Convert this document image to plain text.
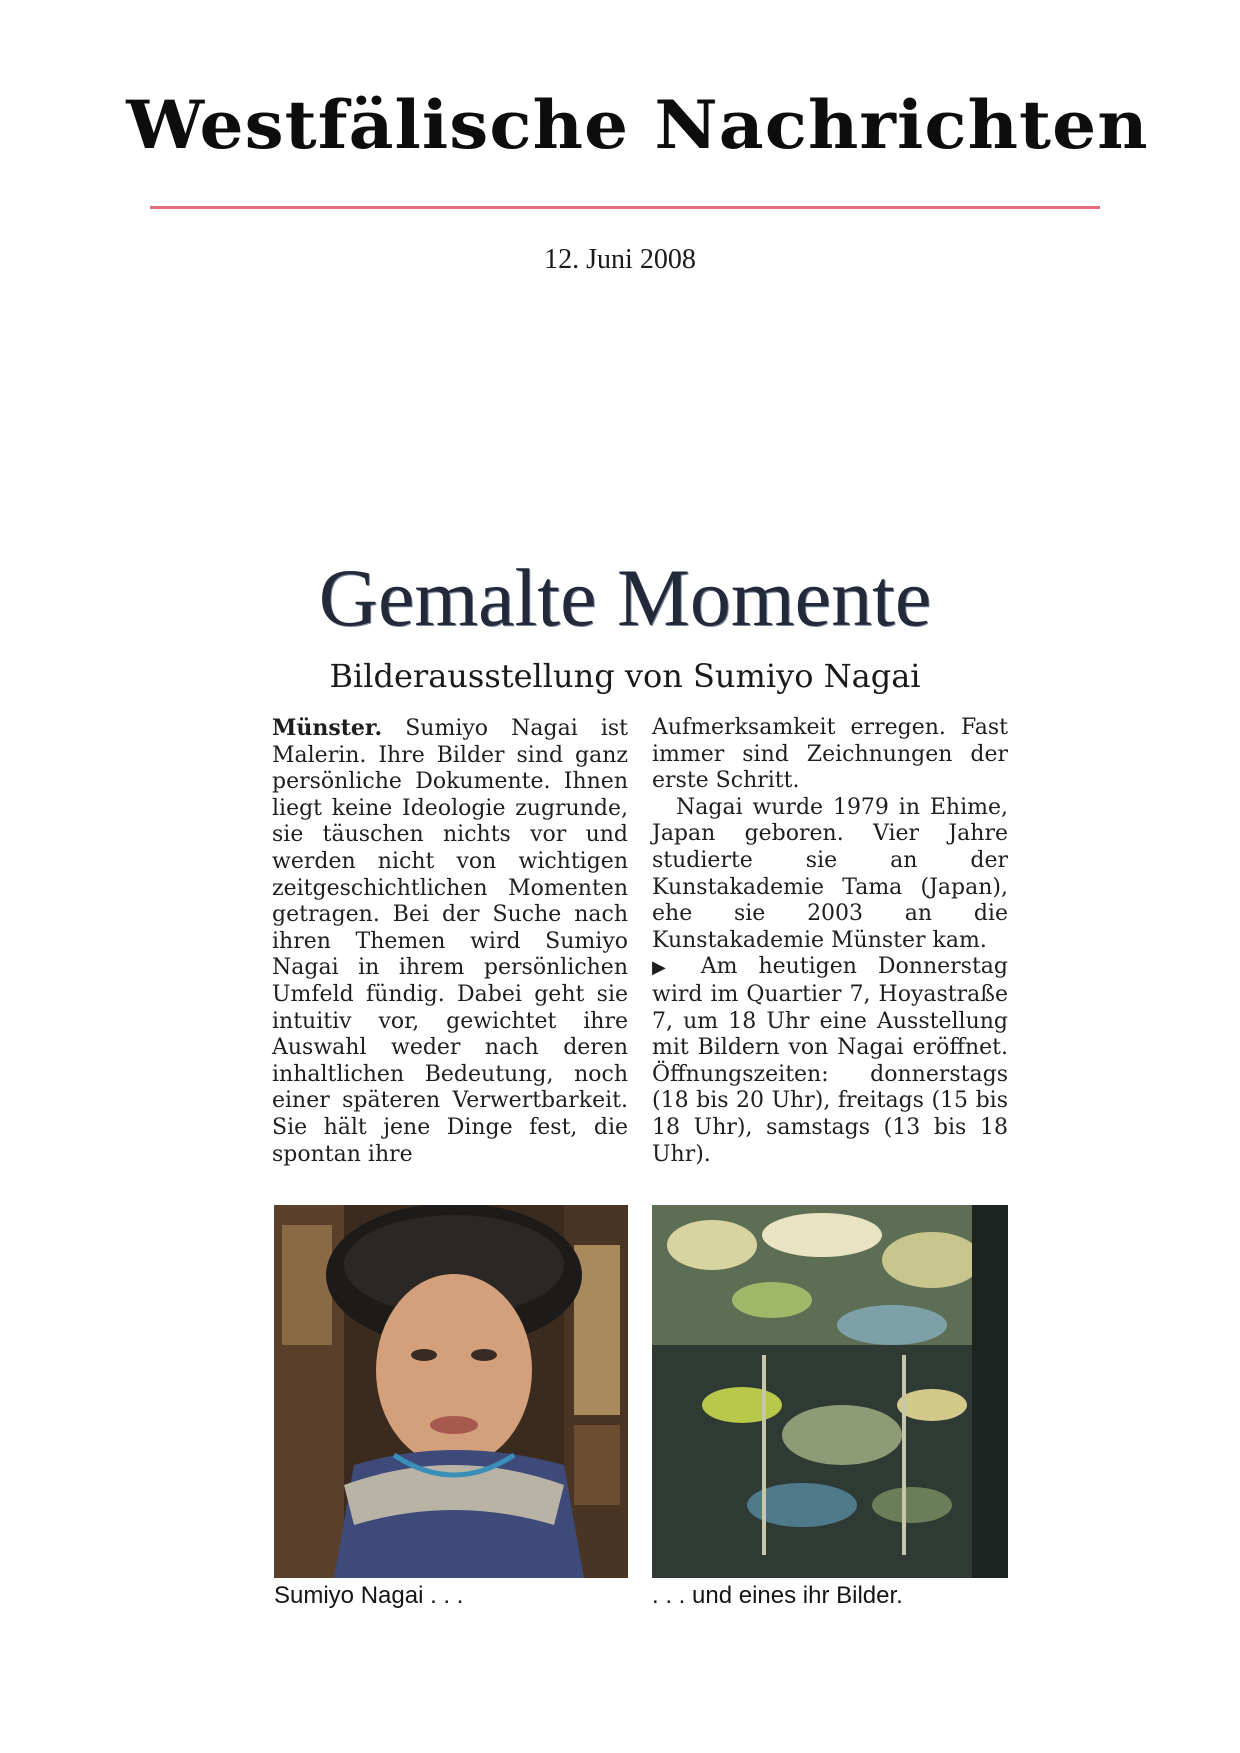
Westfälische Nachrichten
12. Juni 2008
Gemalte Momente
Bilderausstellung von Sumiyo Nagai

Münster. Sumiyo Nagai ist Malerin. Ihre Bilder sind ganz persönliche Dokumente. Ihnen liegt keine Ideologie zugrunde, sie täuschen nichts vor und werden nicht von wichtigen zeitgeschichtlichen Momenten getragen. Bei der Suche nach ihren Themen wird Sumiyo Nagai in ihrem persönlichen Umfeld fündig. Dabei geht sie intuitiv vor, gewichtet ihre Auswahl weder nach deren inhaltlichen Bedeutung, noch einer späteren Verwertbarkeit. Sie hält jene Dinge fest, die spontan ihre

Aufmerksamkeit erregen. Fast immer sind Zeichnungen der erste Schritt.

Nagai wurde 1979 in Ehime, Japan geboren. Vier Jahre studierte sie an der Kunstakademie Tama (Japan), ehe sie 2003 an die Kunstakademie Münster kam.

▶ Am heutigen Donnerstag wird im Quartier 7, Hoyastraße 7, um 18 Uhr eine Ausstellung mit Bildern von Nagai eröffnet. Öffnungszeiten: donnerstags (18 bis 20 Uhr), freitags (15 bis 18 Uhr), samstags (13 bis 18 Uhr).

Sumiyo Nagai . . .	. . . und eines ihr Bilder.
